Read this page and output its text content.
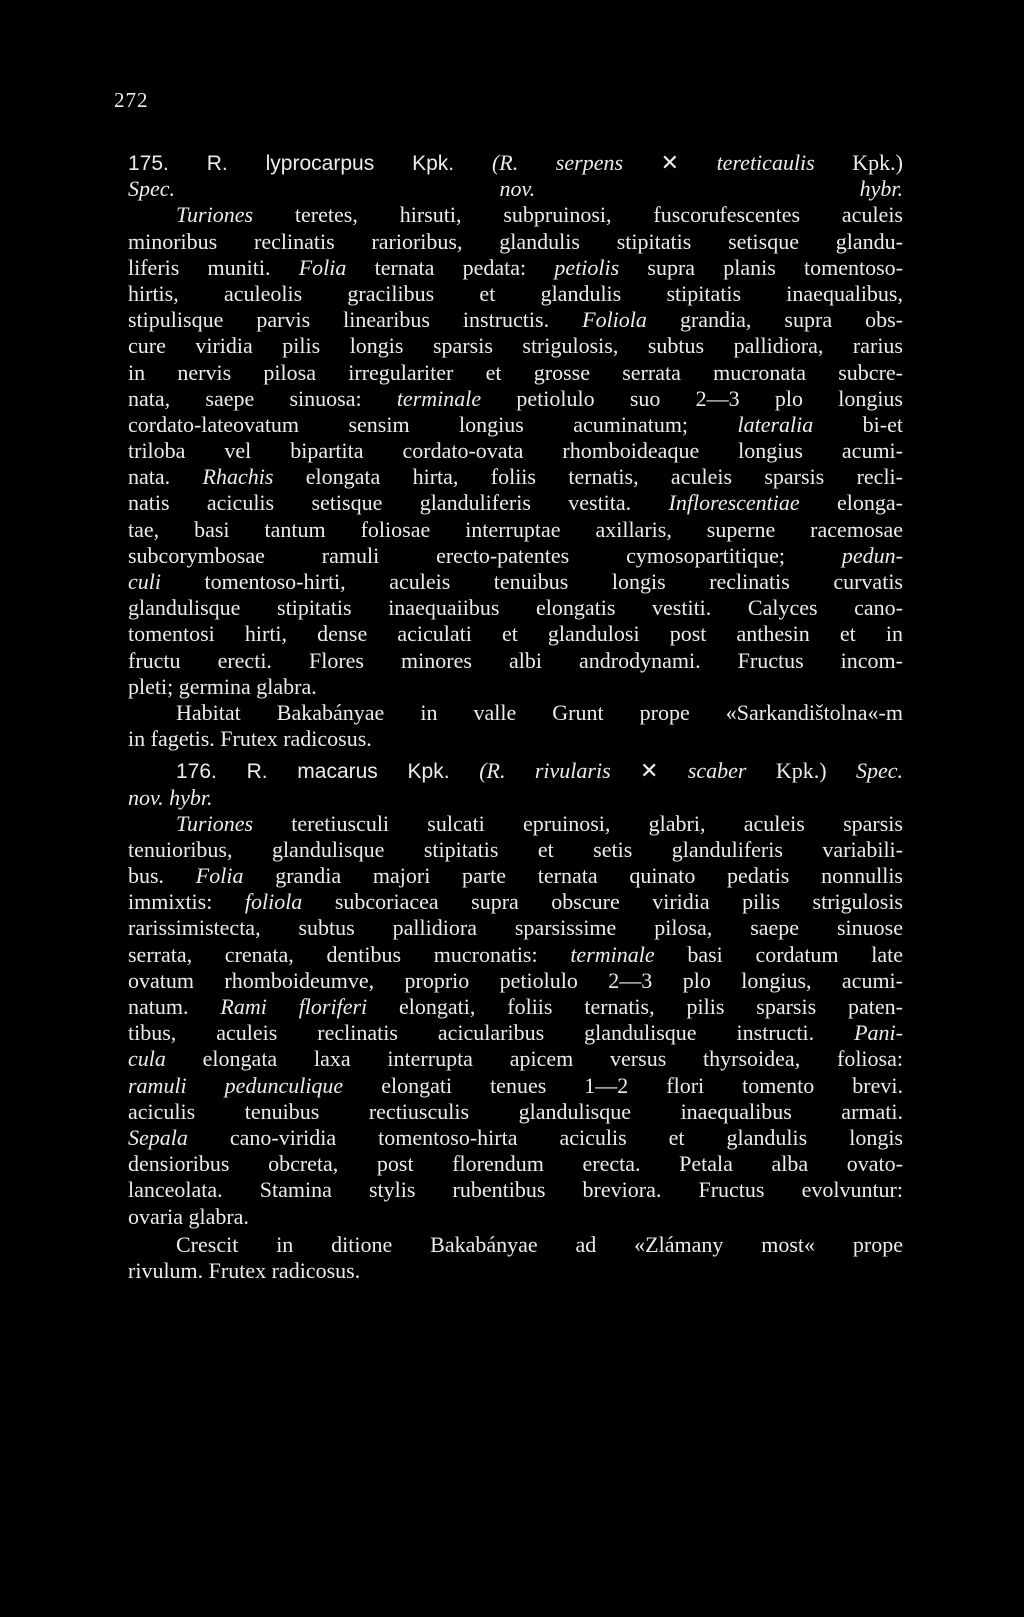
272
175. R. lyprocarpus Kpk. (R. serpens ✕ tereticaulis Kpk.)
Spec. nov. hybr.
Turiones teretes, hirsuti, subpruinosi, fuscorufescentes aculeis
minoribus reclinatis rarioribus, glandulis stipitatis setisque glandu-
liferis muniti. Folia ternata pedata: petiolis supra planis tomentoso-
hirtis, aculeolis gracilibus et glandulis stipitatis inaequalibus,
stipulisque parvis linearibus instructis. Foliola grandia, supra obs-
cure viridia pilis longis sparsis strigulosis, subtus pallidiora, rarius
in nervis pilosa irregulariter et grosse serrata mucronata subcre-
nata, saepe sinuosa: terminale petiolulo suo 2—3 plo longius
cordato-lateovatum sensim longius acuminatum; lateralia bi-et
triloba vel bipartita cordato-ovata rhomboideaque longius acumi-
nata. Rhachis elongata hirta, foliis ternatis, aculeis sparsis recli-
natis aciculis setisque glanduliferis vestita. Inflorescentiae elonga-
tae, basi tantum foliosae interruptae axillaris, superne racemosae
subcorymbosae ramuli erecto-patentes cymosopartitique; pedun-
culi tomentoso-hirti, aculeis tenuibus longis reclinatis curvatis
glandulisque stipitatis inaequaiibus elongatis vestiti. Calyces cano-
tomentosi hirti, dense aciculati et glandulosi post anthesin et in
fructu erecti. Flores minores albi androdynami. Fructus incom-
pleti; germina glabra.
Habitat Bakabányae in valle Grunt prope «Sarkandištolna«-m
in fagetis. Frutex radicosus.
176. R. macarus Kpk. (R. rivularis ✕ scaber Kpk.) Spec.
nov. hybr.
Turiones teretiusculi sulcati epruinosi, glabri, aculeis sparsis
tenuioribus, glandulisque stipitatis et setis glanduliferis variabili-
bus. Folia grandia majori parte ternata quinato pedatis nonnullis
immixtis: foliola subcoriacea supra obscure viridia pilis strigulosis
rarissimistecta, subtus pallidiora sparsissime pilosa, saepe sinuose
serrata, crenata, dentibus mucronatis: terminale basi cordatum late
ovatum rhomboideumve, proprio petiolulo 2—3 plo longius, acumi-
natum. Rami floriferi elongati, foliis ternatis, pilis sparsis paten-
tibus, aculeis reclinatis acicularibus glandulisque instructi. Pani-
cula elongata laxa interrupta apicem versus thyrsoidea, foliosa:
ramuli pedunculique elongati tenues 1—2 flori tomento brevi.
aciculis tenuibus rectiusculis glandulisque inaequalibus armati.
Sepala cano-viridia tomentoso-hirta aciculis et glandulis longis
densioribus obcreta, post florendum erecta. Petala alba ovato-
lanceolata. Stamina stylis rubentibus breviora. Fructus evolvuntur:
ovaria glabra.
Crescit in ditione Bakabányae ad «Zlámany most« prope
rivulum. Frutex radicosus.
